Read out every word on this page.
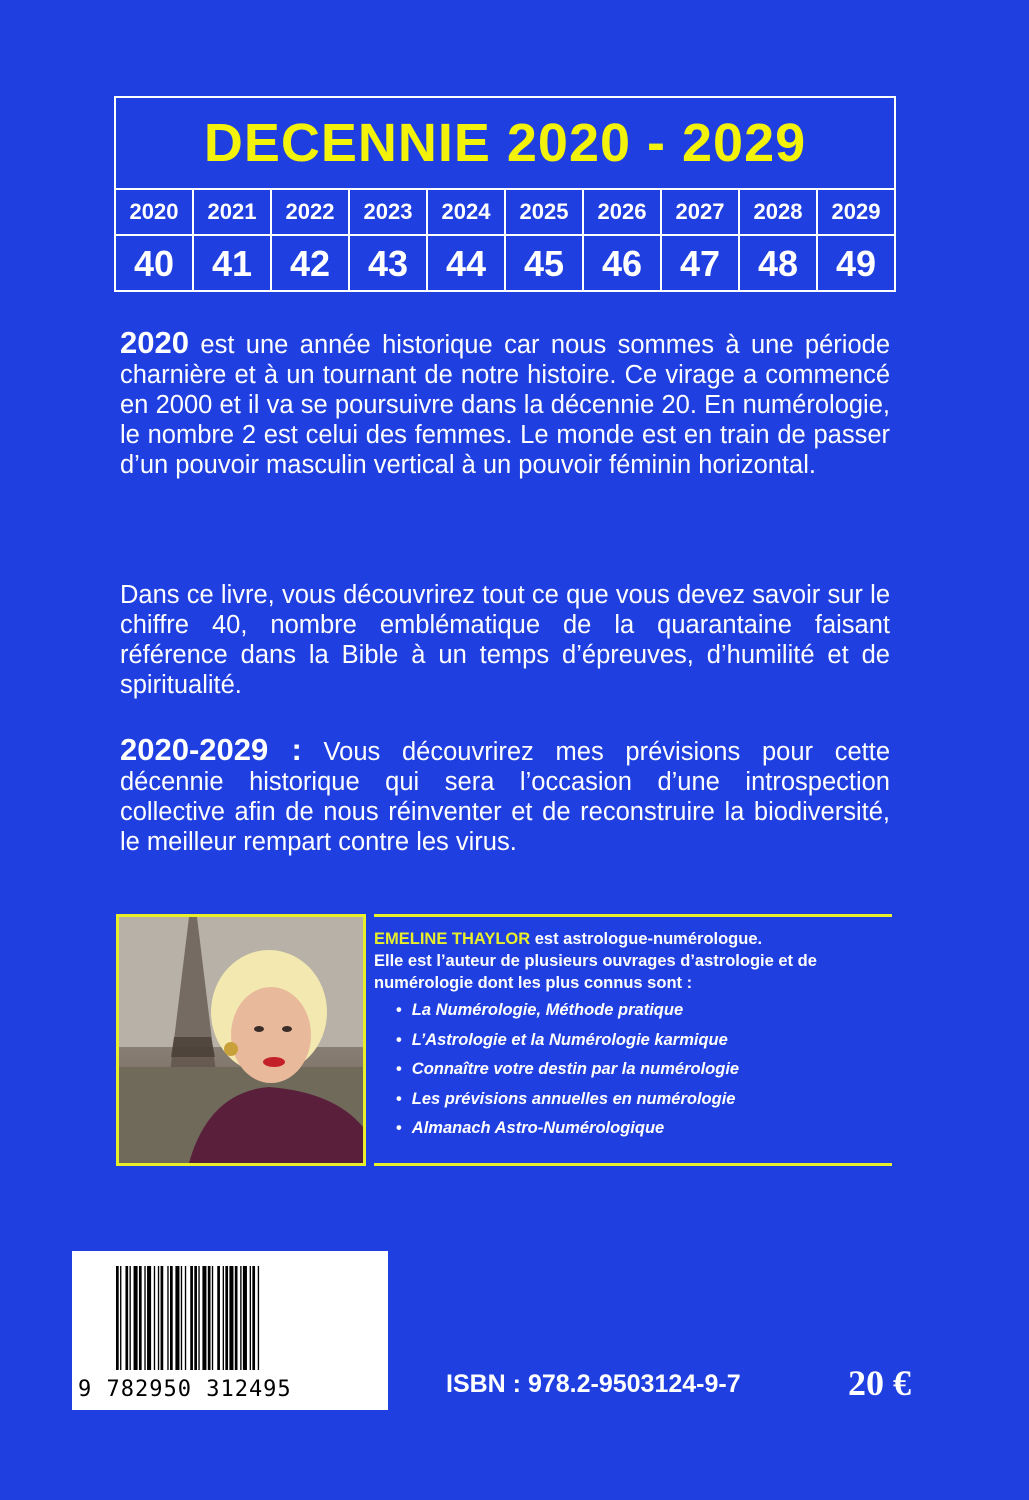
DECENNIE 2020 - 2029
2020	2021	2022	2023	2024	2025	2026	2027	2028	2029
40	41	42	43	44	45	46	47	48	49
2020 est une année historique car nous sommes à une période charnière et à un tournant de notre histoire. Ce virage a commencé en 2000 et il va se poursuivre dans la décennie 20. En numérologie, le nombre 2 est celui des femmes. Le monde est en train de passer d’un pouvoir masculin vertical à un pouvoir féminin horizontal.
Dans ce livre, vous découvrirez tout ce que vous devez savoir sur le chiffre 40, nombre emblématique de la quarantaine faisant référence dans la Bible à un temps d’épreuves, d’humilité et de spiritualité.
2020-2029 : Vous découvrirez mes prévisions pour cette décennie historique qui sera l’occasion d’une introspection collective afin de nous réinventer et de reconstruire la biodiversité, le meilleur rempart contre les virus.
EMELINE THAYLOR est astrologue-numérologue.
Elle est l’auteur de plusieurs ouvrages d’astrologie et de numérologie dont les plus connus sont :
• La Numérologie, Méthode pratique
• L’Astrologie et la Numérologie karmique
• Connaître votre destin par la numérologie
• Les prévisions annuelles en numérologie
• Almanach Astro-Numérologique
9 782950 312495	ISBN : 978.2-9503124-9-7	20 €
